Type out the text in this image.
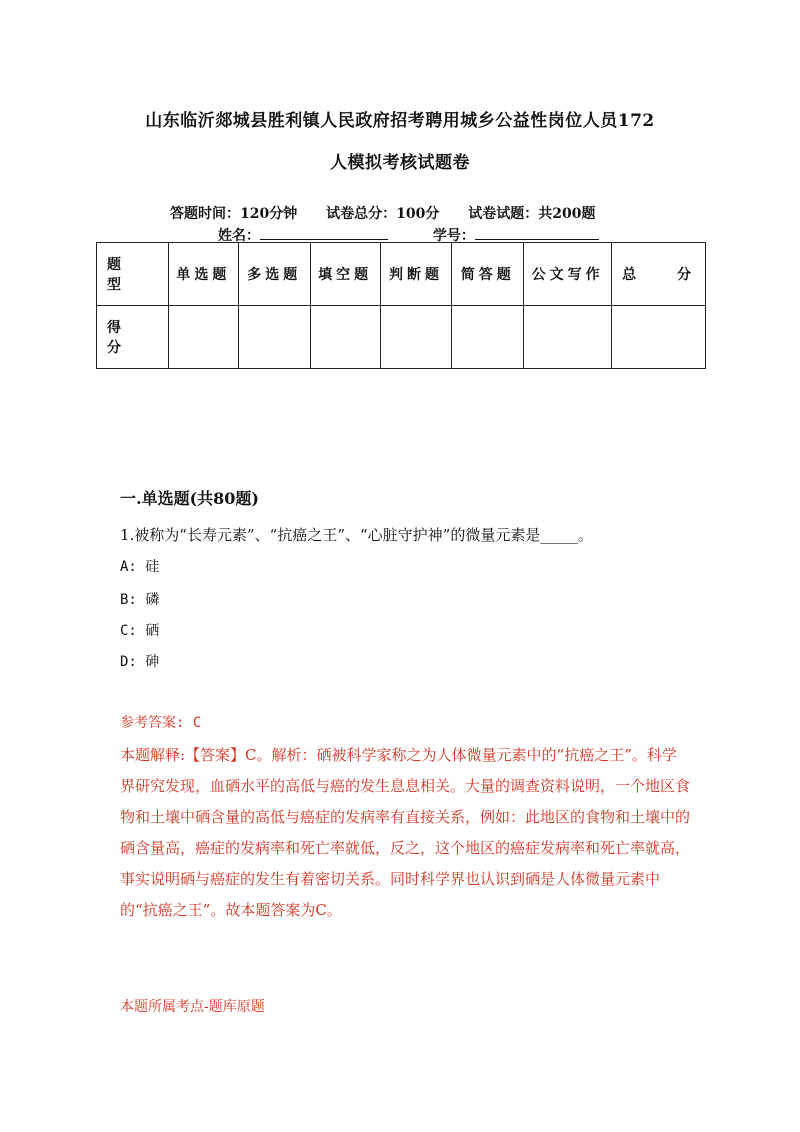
山东临沂郯城县胜利镇人民政府招考聘用城乡公益性岗位人员172
人模拟考核试题卷
答题时间：120分钟 试卷总分：100分 试卷试题：共200题
姓名：	学号：
题　型	单选题	多选题	填空题	判断题	简答题	公文写作	总　分
得　分							
一.单选题(共80题)
1.被称为“长寿元素”、“抗癌之王”、“心脏守护神”的微量元素是_____。
A: 硅
B: 磷
C: 硒
D: 砷
参考答案: C
本题解释:【答案】C。解析：硒被科学家称之为人体微量元素中的“抗癌之王”。科学界研究发现，血硒水平的高低与癌的发生息息相关。大量的调查资料说明，一个地区食物和土壤中硒含量的高低与癌症的发病率有直接关系，例如：此地区的食物和土壤中的硒含量高，癌症的发病率和死亡率就低，反之，这个地区的癌症发病率和死亡率就高，事实说明硒与癌症的发生有着密切关系。同时科学界也认识到硒是人体微量元素中的“抗癌之王”。故本题答案为C。
本题所属考点-题库原题
